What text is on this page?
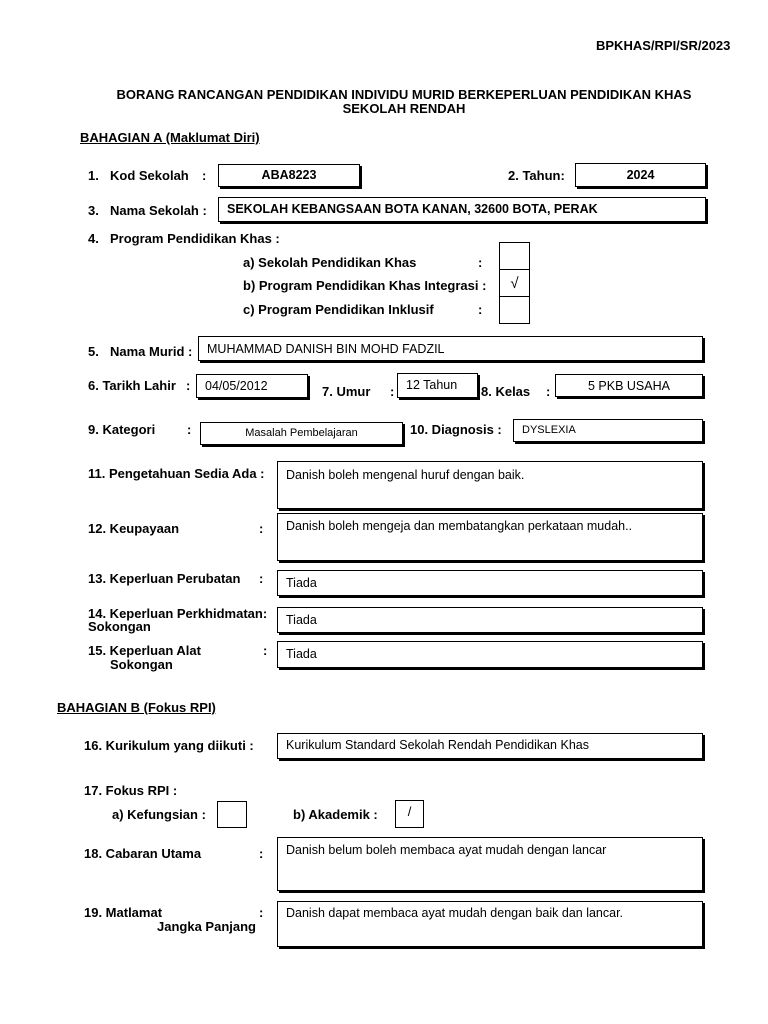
BPKHAS/RPI/SR/2023
BORANG RANCANGAN PENDIDIKAN INDIVIDU MURID BERKEPERLUAN PENDIDIKAN KHAS
SEKOLAH RENDAH
BAHAGIAN A (Maklumat Diri)
1. Kod Sekolah :	ABA8223	2. Tahun:	2024
3. Nama Sekolah :	SEKOLAH KEBANGSAAN BOTA KANAN, 32600 BOTA, PERAK
4. Program Pendidikan Khas :
a) Sekolah Pendidikan Khas	:
b) Program Pendidikan Khas Integrasi :	√
c) Program Pendidikan Inklusif	:
5. Nama Murid :	MUHAMMAD DANISH BIN MOHD FADZIL
6. Tarikh Lahir :	04/05/2012	7. Umur : 12 Tahun	8. Kelas :	5 PKB USAHA
9. Kategori :	Masalah Pembelajaran	10. Diagnosis :	DYSLEXIA
11. Pengetahuan Sedia Ada :	Danish boleh mengenal huruf dengan baik.
12. Keupayaan	:	Danish boleh mengeja dan membatangkan perkataan mudah..
13. Keperluan Perubatan :	Tiada
14. Keperluan Perkhidmatan:
Sokongan	Tiada
15. Keperluan Alat
Sokongan
:	Tiada
BAHAGIAN B (Fokus RPI)
16. Kurikulum yang diikuti :	Kurikulum Standard Sekolah Rendah Pendidikan Khas
17. Fokus RPI :
a) Kefungsian :	b) Akademik :	/
18. Cabaran Utama	:	Danish belum boleh membaca ayat mudah dengan lancar
19. Matlamat
Jangka Panjang
:	Danish dapat membaca ayat mudah dengan baik dan lancar.
